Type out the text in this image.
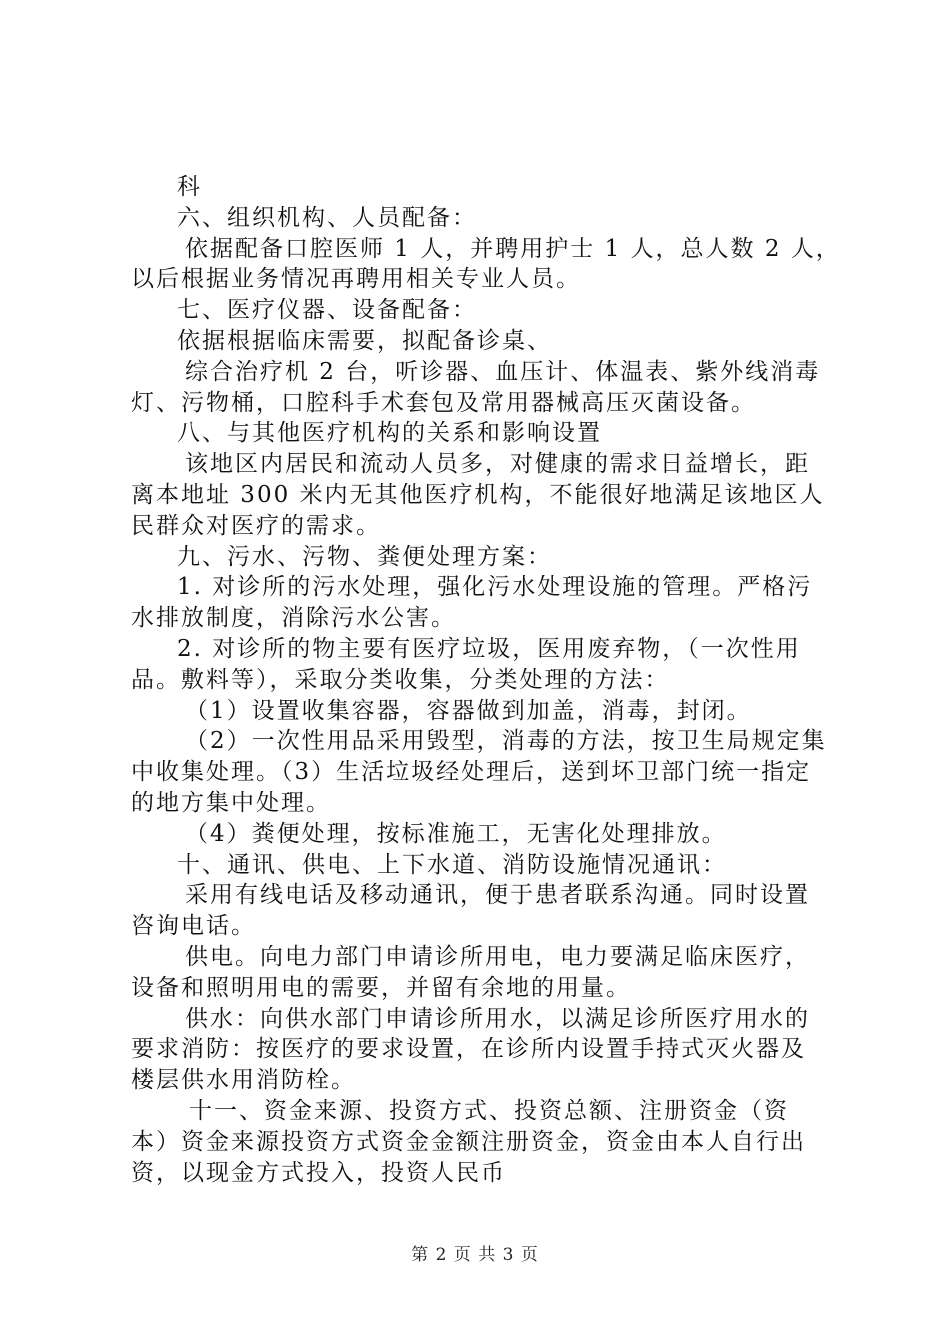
科
六、组织机构、人员配备：
依据配备口腔医师 1 人，并聘用护士 1 人，总人数 2 人，
以后根据业务情况再聘用相关专业人员。
七、医疗仪器、设备配备：
依据根据临床需要，拟配备诊桌、
综合治疗机 2 台，听诊器、血压计、体温表、紫外线消毒
灯、污物桶，口腔科手术套包及常用器械高压灭菌设备。
八、与其他医疗机构的关系和影响设置
该地区内居民和流动人员多，对健康的需求日益增长，距
离本地址 300 米内无其他医疗机构，不能很好地满足该地区人
民群众对医疗的需求。
九、污水、污物、粪便处理方案：
1. 对诊所的污水处理，强化污水处理设施的管理。严格污
水排放制度，消除污水公害。
2. 对诊所的物主要有医疗垃圾，医用废弃物，（一次性用
品。敷料等），采取分类收集，分类处理的方法：
（1）设置收集容器，容器做到加盖，消毒，封闭。
（2）一次性用品采用毁型，消毒的方法，按卫生局规定集
中收集处理。（3）生活垃圾经处理后，送到坏卫部门统一指定
的地方集中处理。
（4）粪便处理，按标准施工，无害化处理排放。
十、通讯、供电、上下水道、消防设施情况通讯：
采用有线电话及移动通讯，便于患者联系沟通。同时设置
咨询电话。
供电。向电力部门申请诊所用电，电力要满足临床医疗，
设备和照明用电的需要，并留有余地的用量。
供水：向供水部门申请诊所用水，以满足诊所医疗用水的
要求消防：按医疗的要求设置，在诊所内设置手持式灭火器及
楼层供水用消防栓。
十一、资金来源、投资方式、投资总额、注册资金（资
本）资金来源投资方式资金金额注册资金，资金由本人自行出
资，以现金方式投入，投资人民币
第 2 页 共 3 页
